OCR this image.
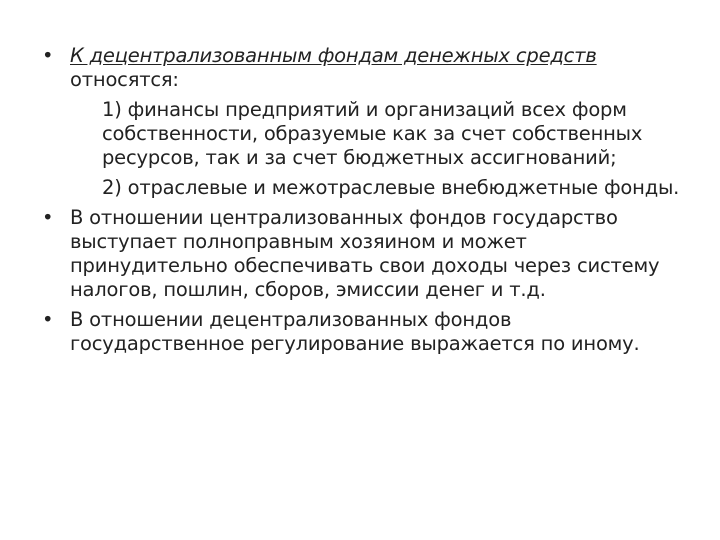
• К децентрализованным фондам денежных средств относятся:
1) финансы предприятий и организаций всех форм собственности, образуемые как за счет собственных ресурсов, так и за счет бюджетных ассигнований;
2) отраслевые и межотраслевые внебюджетные фонды.
• В отношении централизованных фондов государство выступает полноправным хозяином и может принудительно обеспечивать свои доходы через систему налогов, пошлин, сборов, эмиссии денег и т.д.
• В отношении децентрализованных фондов государственное регулирование выражается по иному.
